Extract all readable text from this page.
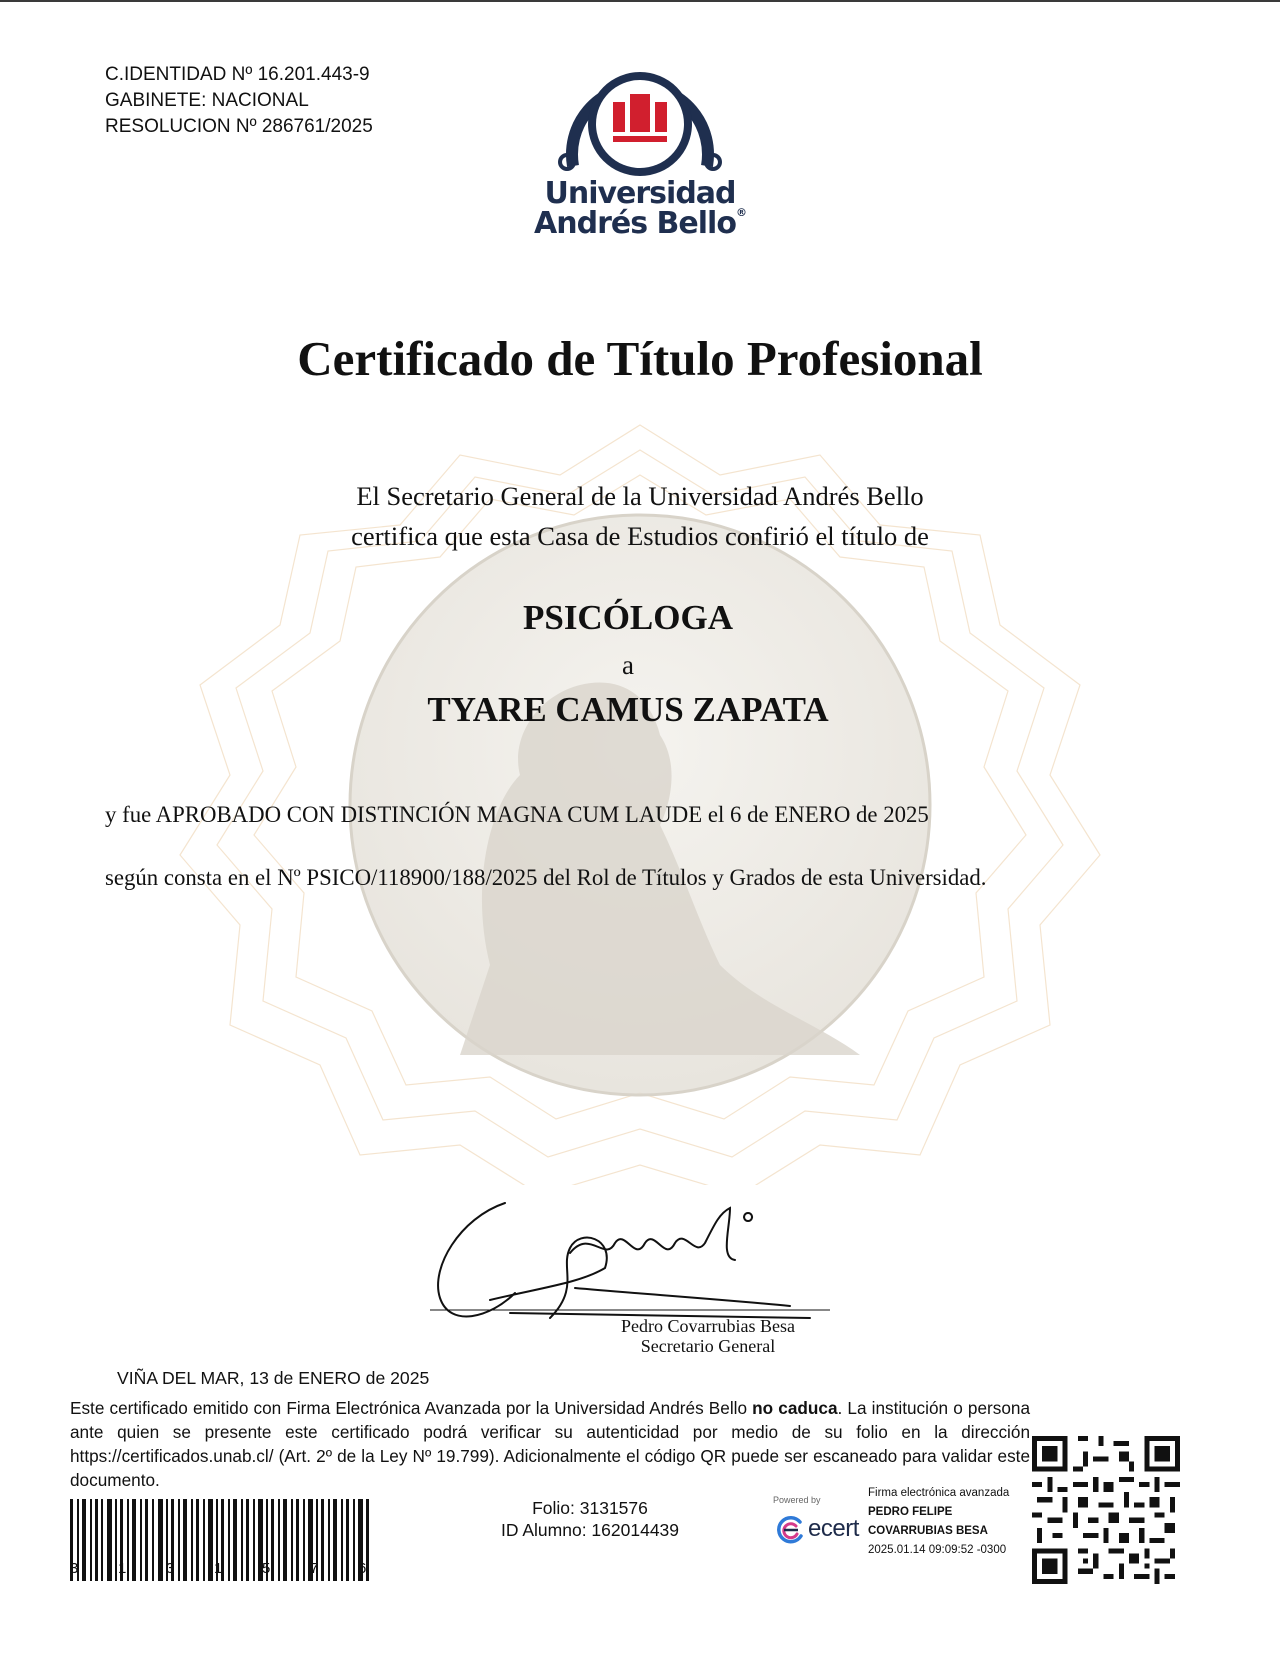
C.IDENTIDAD Nº 16.201.443-9
GABINETE: NACIONAL
RESOLUCION Nº 286761/2025
Universidad
Andrés Bello®
Certificado de Título Profesional
El Secretario General de la Universidad Andrés Bello
certifica que esta Casa de Estudios confirió el título de
PSICÓLOGA
a
TYARE CAMUS ZAPATA
y fue APROBADO CON DISTINCIÓN MAGNA CUM LAUDE el 6 de ENERO de 2025
según consta en el Nº PSICO/118900/188/2025 del Rol de Títulos y Grados de esta Universidad.
Pedro Covarrubias Besa
Secretario General
VIÑA DEL MAR, 13 de ENERO de 2025
Este certificado emitido con Firma Electrónica Avanzada por la Universidad Andrés Bello no caduca. La institución o persona ante quien se presente este certificado podrá verificar su autenticidad por medio de su folio en la dirección https://certificados.unab.cl/ (Art. 2º de la Ley Nº 19.799). Adicionalmente el código QR puede ser escaneado para validar este documento.
3	1	3	1	5	7	6
Folio: 3131576
ID Alumno: 162014439
Powered by
ecert
Firma electrónica avanzada
PEDRO FELIPE
COVARRUBIAS BESA
2025.01.14 09:09:52 -0300
